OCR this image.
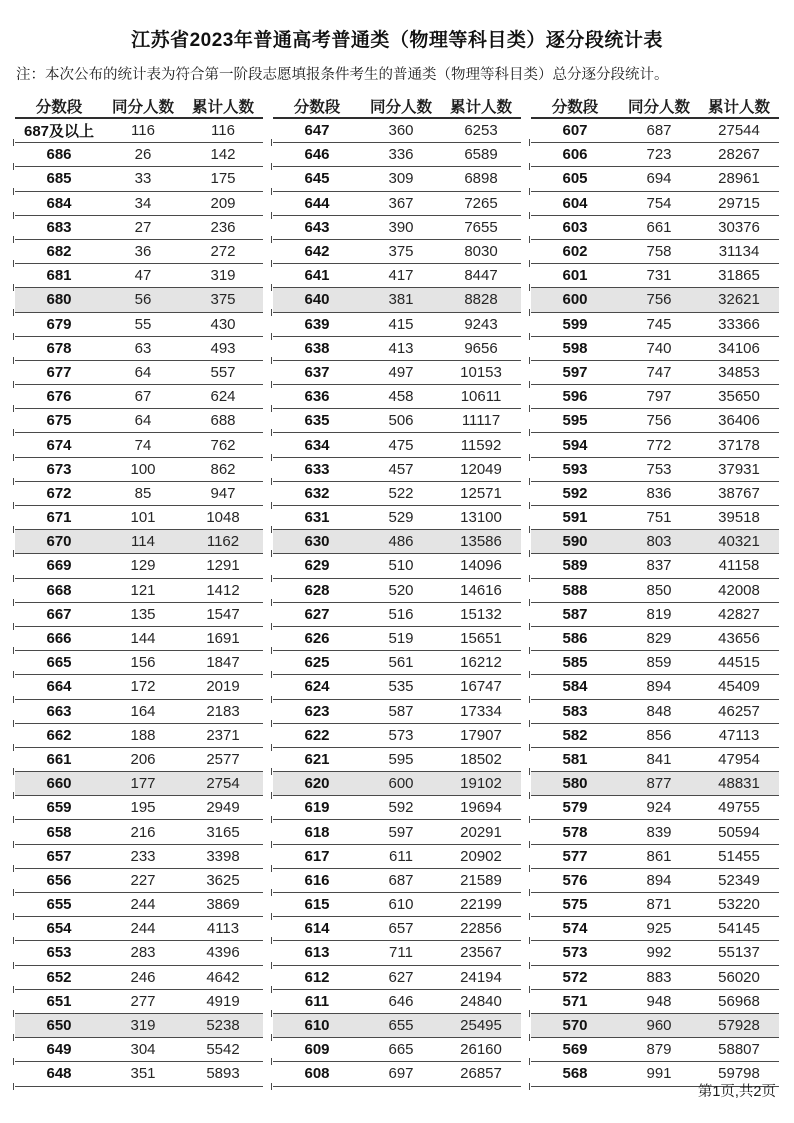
江苏省2023年普通高考普通类（物理等科目类）逐分段统计表
注：本次公布的统计表为符合第一阶段志愿填报条件考生的普通类（物理等科目类）总分逐分段统计。
分数段	同分人数	累计人数
687及以上	116	116
686	26	142
685	33	175
684	34	209
683	27	236
682	36	272
681	47	319
680	56	375
679	55	430
678	63	493
677	64	557
676	67	624
675	64	688
674	74	762
673	100	862
672	85	947
671	101	1048
670	114	1162
669	129	1291
668	121	1412
667	135	1547
666	144	1691
665	156	1847
664	172	2019
663	164	2183
662	188	2371
661	206	2577
660	177	2754
659	195	2949
658	216	3165
657	233	3398
656	227	3625
655	244	3869
654	244	4113
653	283	4396
652	246	4642
651	277	4919
650	319	5238
649	304	5542
648	351	5893
分数段	同分人数	累计人数
647	360	6253
646	336	6589
645	309	6898
644	367	7265
643	390	7655
642	375	8030
641	417	8447
640	381	8828
639	415	9243
638	413	9656
637	497	10153
636	458	10611
635	506	11117
634	475	11592
633	457	12049
632	522	12571
631	529	13100
630	486	13586
629	510	14096
628	520	14616
627	516	15132
626	519	15651
625	561	16212
624	535	16747
623	587	17334
622	573	17907
621	595	18502
620	600	19102
619	592	19694
618	597	20291
617	611	20902
616	687	21589
615	610	22199
614	657	22856
613	711	23567
612	627	24194
611	646	24840
610	655	25495
609	665	26160
608	697	26857
分数段	同分人数	累计人数
607	687	27544
606	723	28267
605	694	28961
604	754	29715
603	661	30376
602	758	31134
601	731	31865
600	756	32621
599	745	33366
598	740	34106
597	747	34853
596	797	35650
595	756	36406
594	772	37178
593	753	37931
592	836	38767
591	751	39518
590	803	40321
589	837	41158
588	850	42008
587	819	42827
586	829	43656
585	859	44515
584	894	45409
583	848	46257
582	856	47113
581	841	47954
580	877	48831
579	924	49755
578	839	50594
577	861	51455
576	894	52349
575	871	53220
574	925	54145
573	992	55137
572	883	56020
571	948	56968
570	960	57928
569	879	58807
568	991	59798
第1页,共2页
